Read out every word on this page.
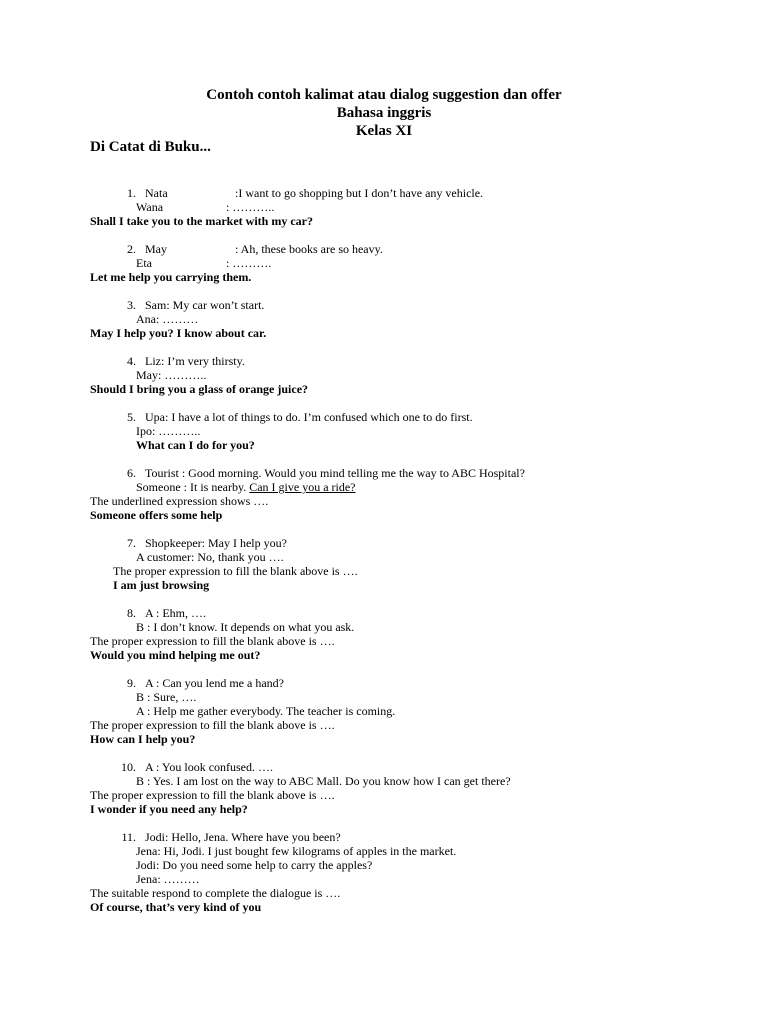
Contoh contoh kalimat atau dialog suggestion dan offer
Bahasa inggris
Kelas XI
Di Catat di Buku...
1. Nata	:I want to go shopping but I don’t have any vehicle.
Wana	: ………..
Shall I take you to the market with my car?
2. May	: Ah, these books are so heavy.
Eta	: ……….
Let me help you carrying them.
3. Sam: My car won’t start.
Ana: ………
May I help you? I know about car.
4. Liz: I’m very thirsty.
May: ………..
Should I bring you a glass of orange juice?
5. Upa: I have a lot of things to do. I’m confused which one to do first.
Ipo: ………..
What can I do for you?
6. Tourist : Good morning. Would you mind telling me the way to ABC Hospital?
Someone : It is nearby. Can I give you a ride?
The underlined expression shows ….
Someone offers some help
7. Shopkeeper: May I help you?
A customer: No, thank you ….
The proper expression to fill the blank above is ….
I am just browsing
8. A : Ehm, ….
B : I don’t know. It depends on what you ask.
The proper expression to fill the blank above is ….
Would you mind helping me out?
9. A : Can you lend me a hand?
B : Sure, ….
A : Help me gather everybody. The teacher is coming.
The proper expression to fill the blank above is ….
How can I help you?
10. A : You look confused. ….
B : Yes. I am lost on the way to ABC Mall. Do you know how I can get there?
The proper expression to fill the blank above is ….
I wonder if you need any help?
11. Jodi: Hello, Jena. Where have you been?
Jena: Hi, Jodi. I just bought few kilograms of apples in the market.
Jodi: Do you need some help to carry the apples?
Jena: ………
The suitable respond to complete the dialogue is ….
Of course, that’s very kind of you
